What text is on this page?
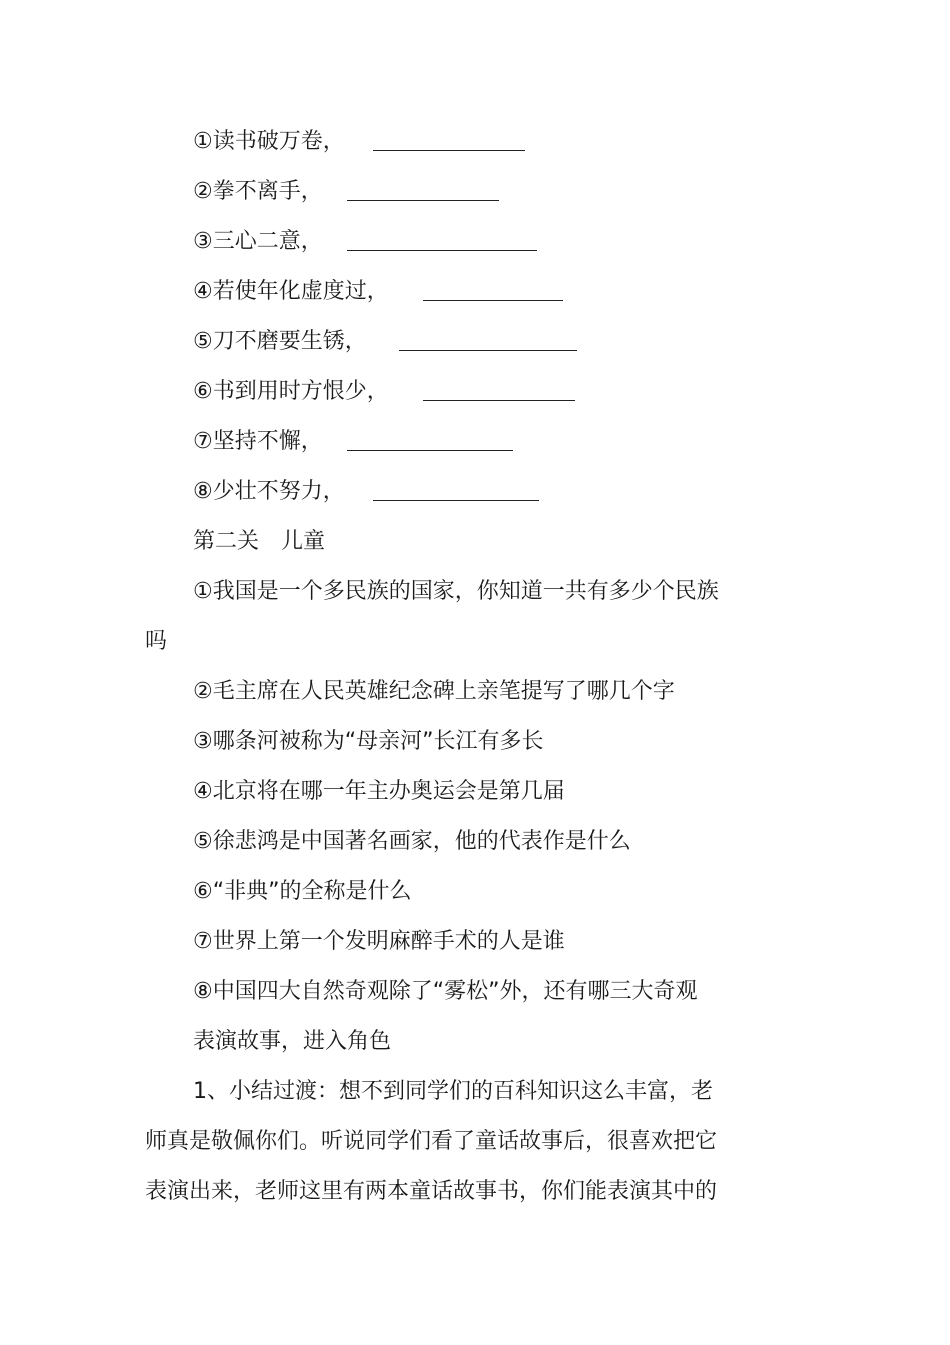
①读书破万卷，
②拳不离手，
③三心二意，
④若使年化虚度过，
⑤刀不磨要生锈，
⑥书到用时方恨少，
⑦坚持不懈，
⑧少壮不努力，
第二关　儿童
①我国是一个多民族的国家，你知道一共有多少个民族
吗
②毛主席在人民英雄纪念碑上亲笔提写了哪几个字
③哪条河被称为“母亲河”长江有多长
④北京将在哪一年主办奥运会是第几届
⑤徐悲鸿是中国著名画家，他的代表作是什么
⑥“非典”的全称是什么
⑦世界上第一个发明麻醉手术的人是谁
⑧中国四大自然奇观除了“雾松”外，还有哪三大奇观
表演故事，进入角色
1、小结过渡：想不到同学们的百科知识这么丰富，老
师真是敬佩你们。听说同学们看了童话故事后，很喜欢把它
表演出来，老师这里有两本童话故事书，你们能表演其中的
